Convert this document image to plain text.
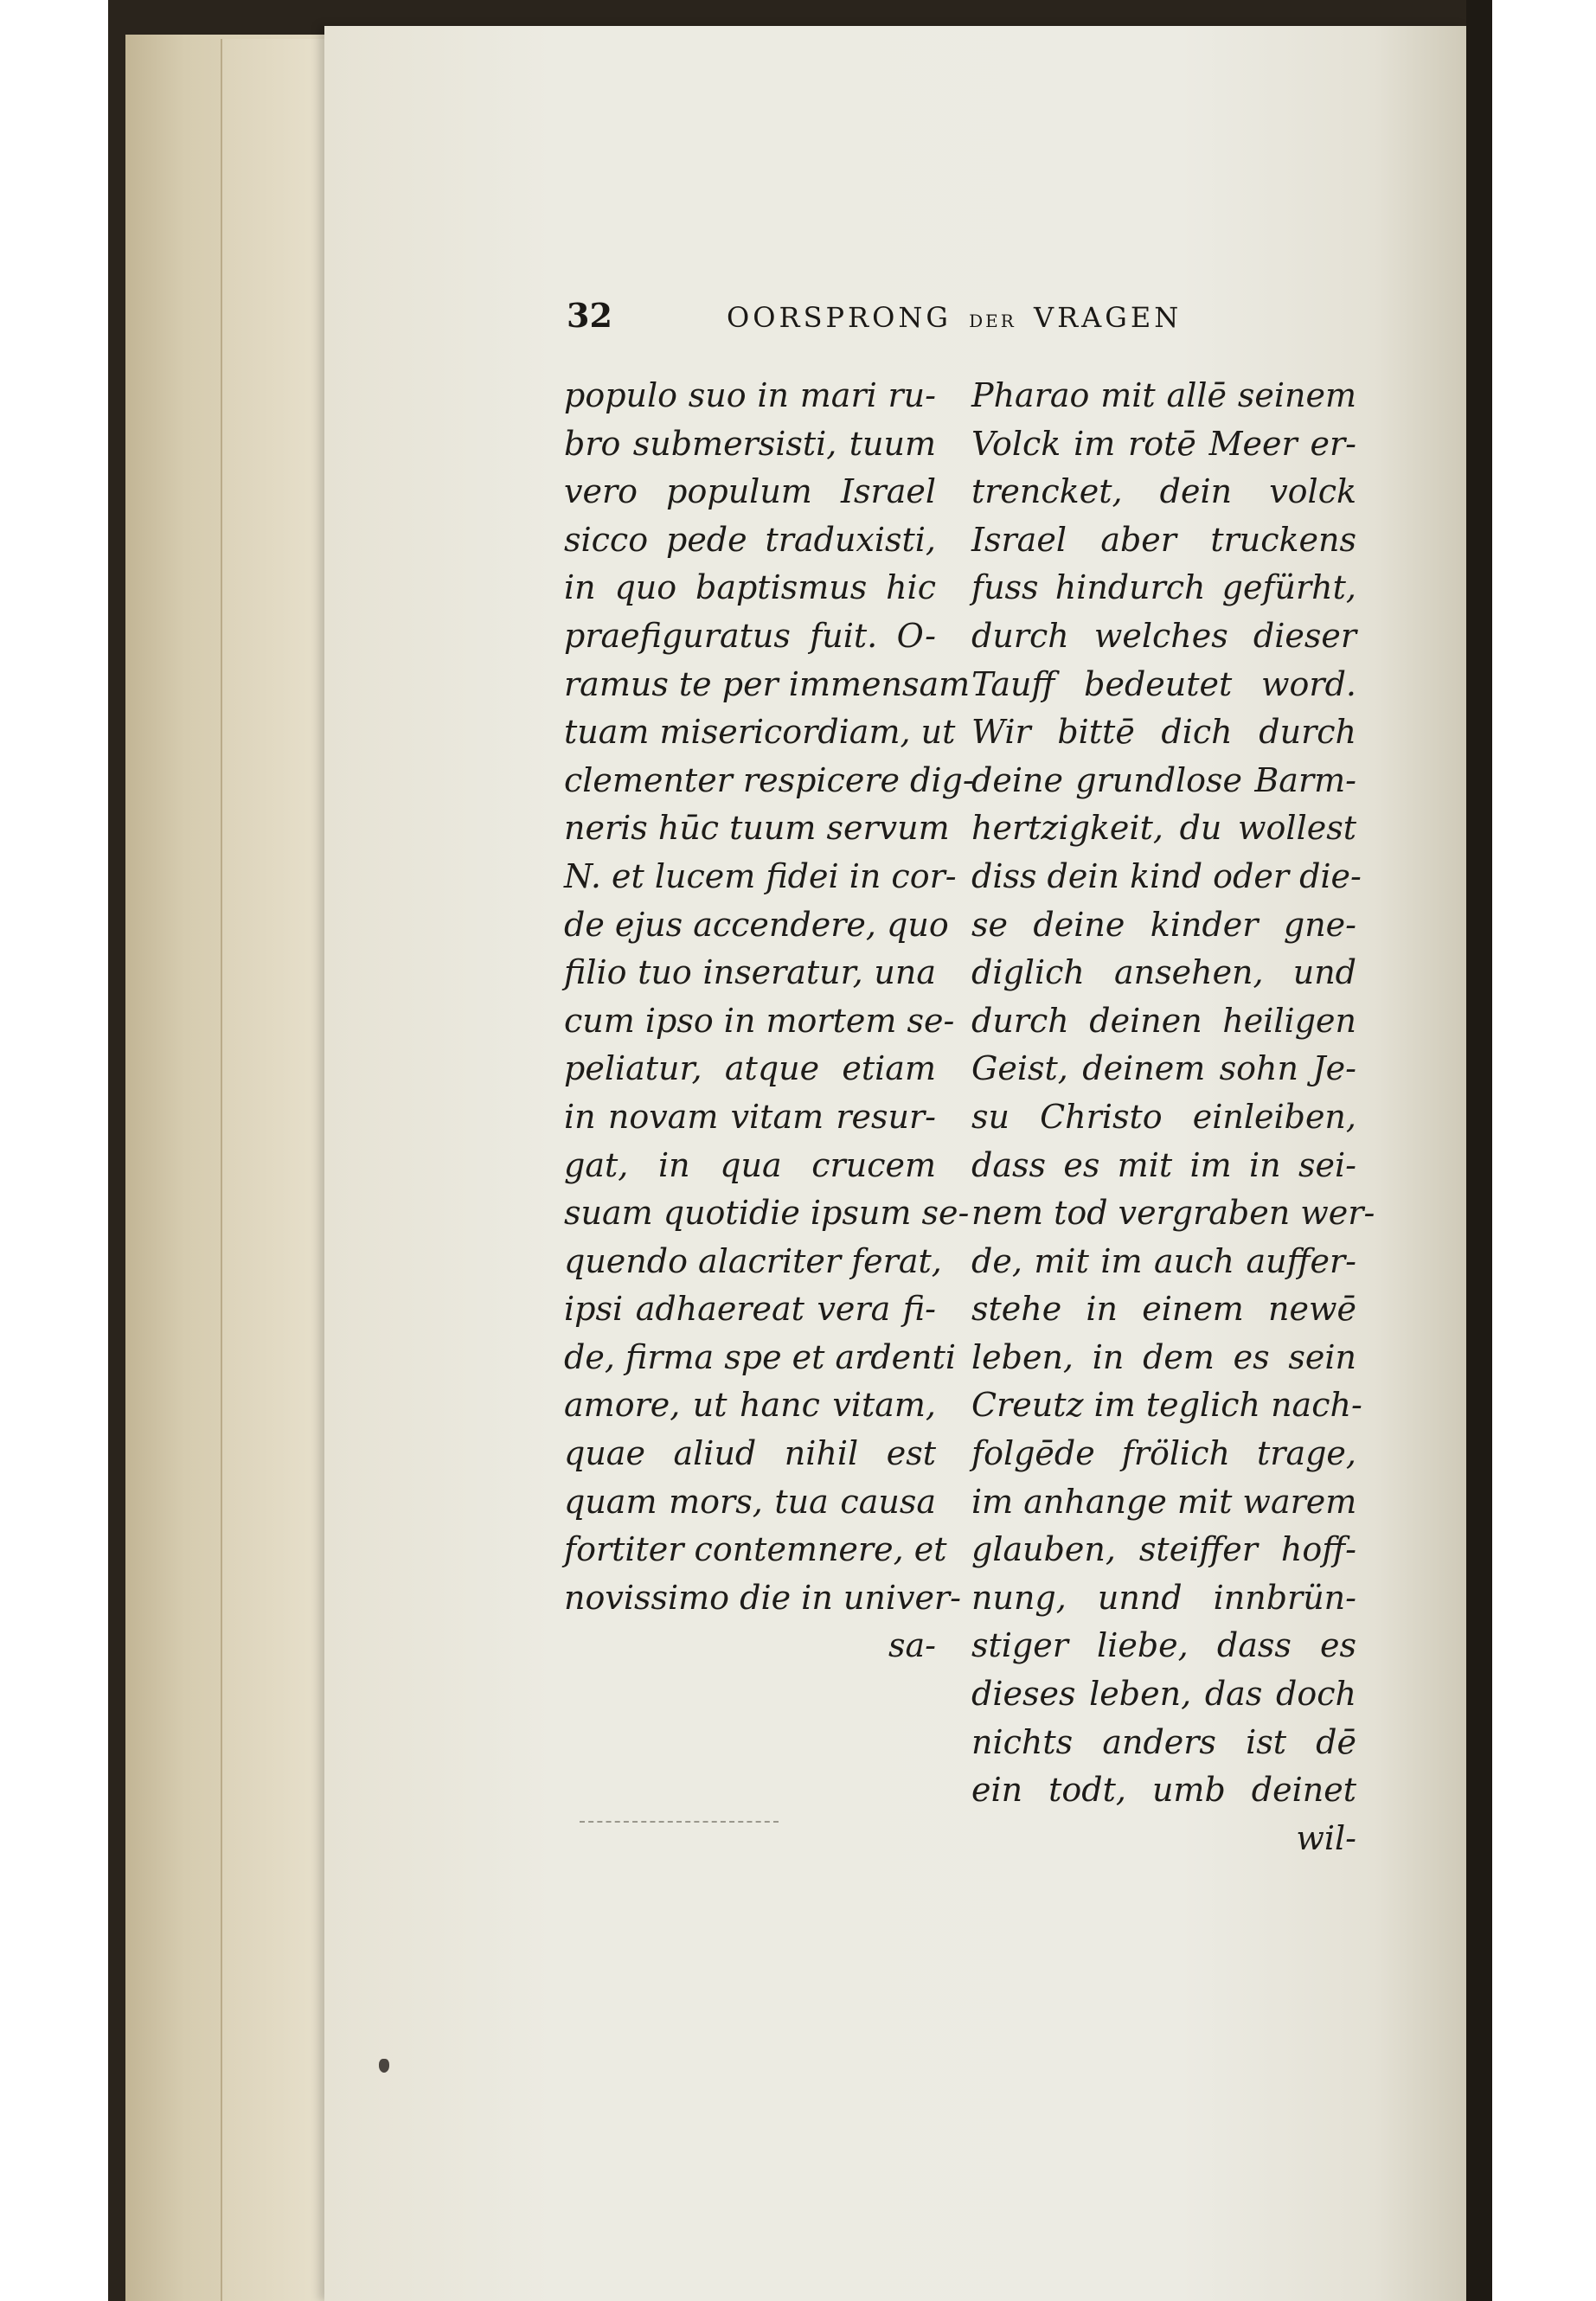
32	OORSPRONG DER VRAGEN
populo suo in mari ru-
bro submersisti, tuum
vero populum Israel
sicco pede traduxisti,
in quo baptismus hic
praefiguratus fuit. O-
ramus te per immensam
tuam misericordiam, ut
clementer respicere dig-
neris hūc tuum servum
N. et lucem fidei in cor-
de ejus accendere, quo
filio tuo inseratur, una
cum ipso in mortem se-
peliatur, atque etiam
in novam vitam resur-
gat, in qua crucem
suam quotidie ipsum se-
quendo alacriter ferat,
ipsi adhaereat vera fi-
de, firma spe et ardenti
amore, ut hanc vitam,
quae aliud nihil est
quam mors, tua causa
fortiter contemnere, et
novissimo die in univer-
sa-
Pharao mit allē seinem
Volck im rotē Meer er-
trencket, dein volck
Israel aber truckens
fuss hindurch gefürht,
durch welches dieser
Tauff bedeutet word.
Wir bittē dich durch
deine grundlose Barm-
hertzigkeit, du wollest
diss dein kind oder die-
se deine kinder gne-
diglich ansehen, und
durch deinen heiligen
Geist, deinem sohn Je-
su Christo einleiben,
dass es mit im in sei-
nem tod vergraben wer-
de, mit im auch auffer-
stehe in einem newē
leben, in dem es sein
Creutz im teglich nach-
folgēde frölich trage,
im anhange mit warem
glauben, steiffer hoff-
nung, unnd innbrün-
stiger liebe, dass es
dieses leben, das doch
nichts anders ist dē
ein todt, umb deinet
wil-
